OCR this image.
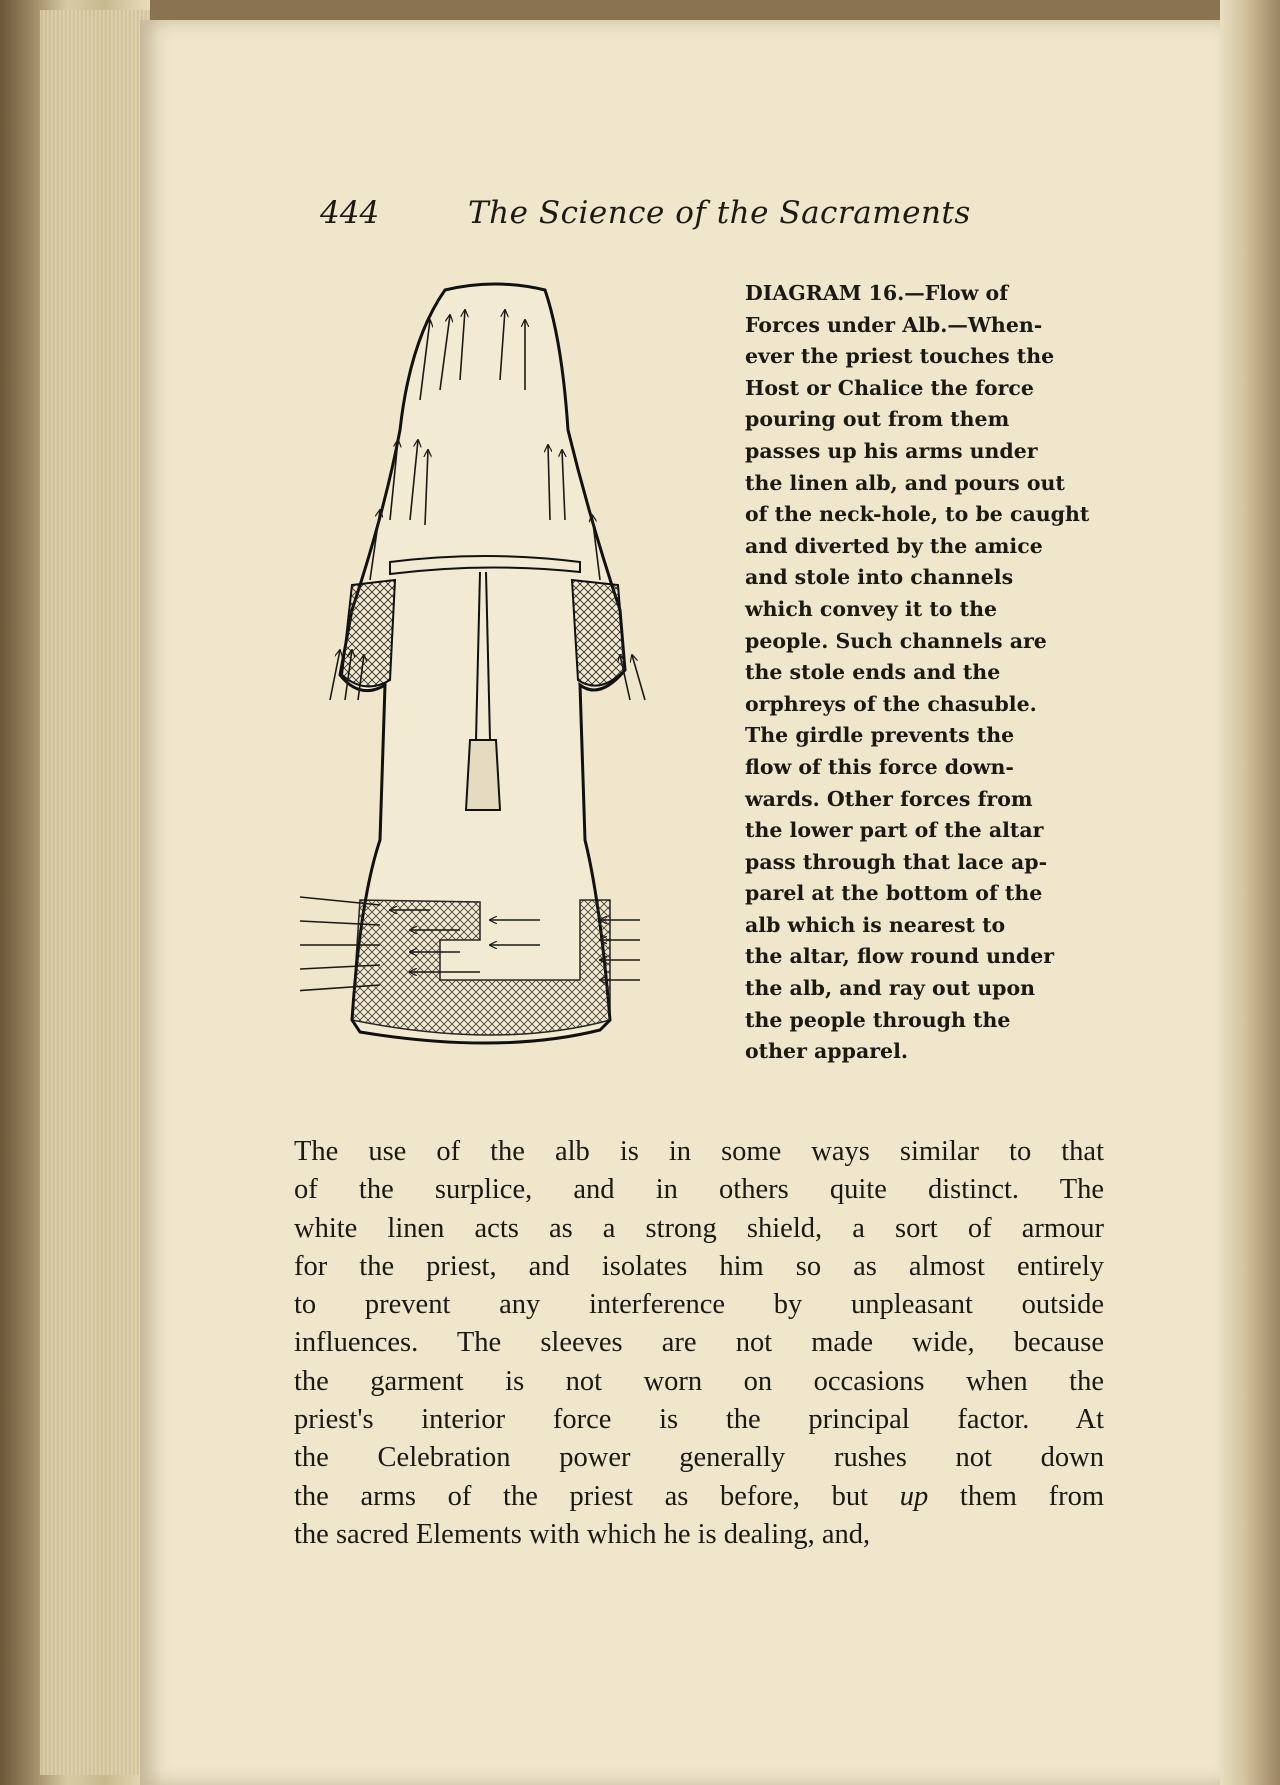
444	The Science of the Sacraments
DIAGRAM 16.—Flow of
Forces under Alb.—When-
ever the priest touches the
Host or Chalice the force
pouring out from them
passes up his arms under
the linen alb, and pours out
of the neck-hole, to be caught
and diverted by the amice
and stole into channels
which convey it to the
people. Such channels are
the stole ends and the
orphreys of the chasuble.
The girdle prevents the
flow of this force down-
wards. Other forces from
the lower part of the altar
pass through that lace ap-
parel at the bottom of the
alb which is nearest to
the altar, flow round under
the alb, and ray out upon
the people through the
other apparel.

The use of the alb is in some ways similar to that

of the surplice, and in others quite distinct. The

white linen acts as a strong shield, a sort of armour

for the priest, and isolates him so as almost entirely

to prevent any interference by unpleasant outside

influences. The sleeves are not made wide, because

the garment is not worn on occasions when the

priest's interior force is the principal factor. At

the Celebration power generally rushes not down

the arms of the priest as before, but up them from

the sacred Elements with which he is dealing, and,
